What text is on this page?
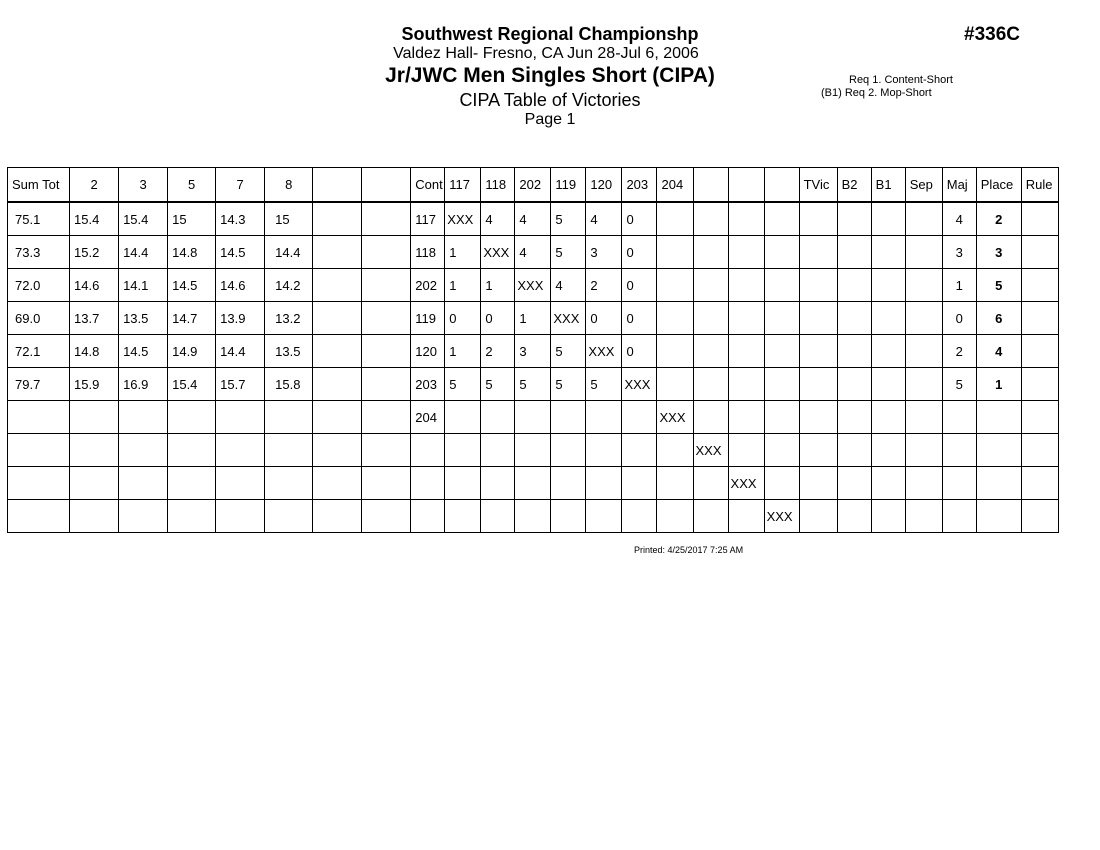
Southwest Regional Championshp
Valdez Hall- Fresno, CA Jun 28-Jul 6, 2006
Jr/JWC Men Singles Short (CIPA)
CIPA Table of Victories
Page 1
#336C
Req 1. Content-Short
(B1) Req 2. Mop-Short
Sum Tot	2	3	5	7	8			Cont	117	118	202	119	120	203	204				TVic	B2	B1	Sep	Maj	Place	Rule
75.1	15.4	15.4	15	14.3	15			117	XXX	4	4	5	4	0									4	2	
73.3	15.2	14.4	14.8	14.5	14.4			118	1	XXX	4	5	3	0									3	3	
72.0	14.6	14.1	14.5	14.6	14.2			202	1	1	XXX	4	2	0									1	5	
69.0	13.7	13.5	14.7	13.9	13.2			119	0	0	1	XXX	0	0									0	6	
72.1	14.8	14.5	14.9	14.4	13.5			120	1	2	3	5	XXX	0									2	4	
79.7	15.9	16.9	15.4	15.7	15.8			203	5	5	5	5	5	XXX									5	1	
								204							XXX										
																XXX									
																	XXX								
																		XXX							
Printed: 4/25/2017 7:25 AM
